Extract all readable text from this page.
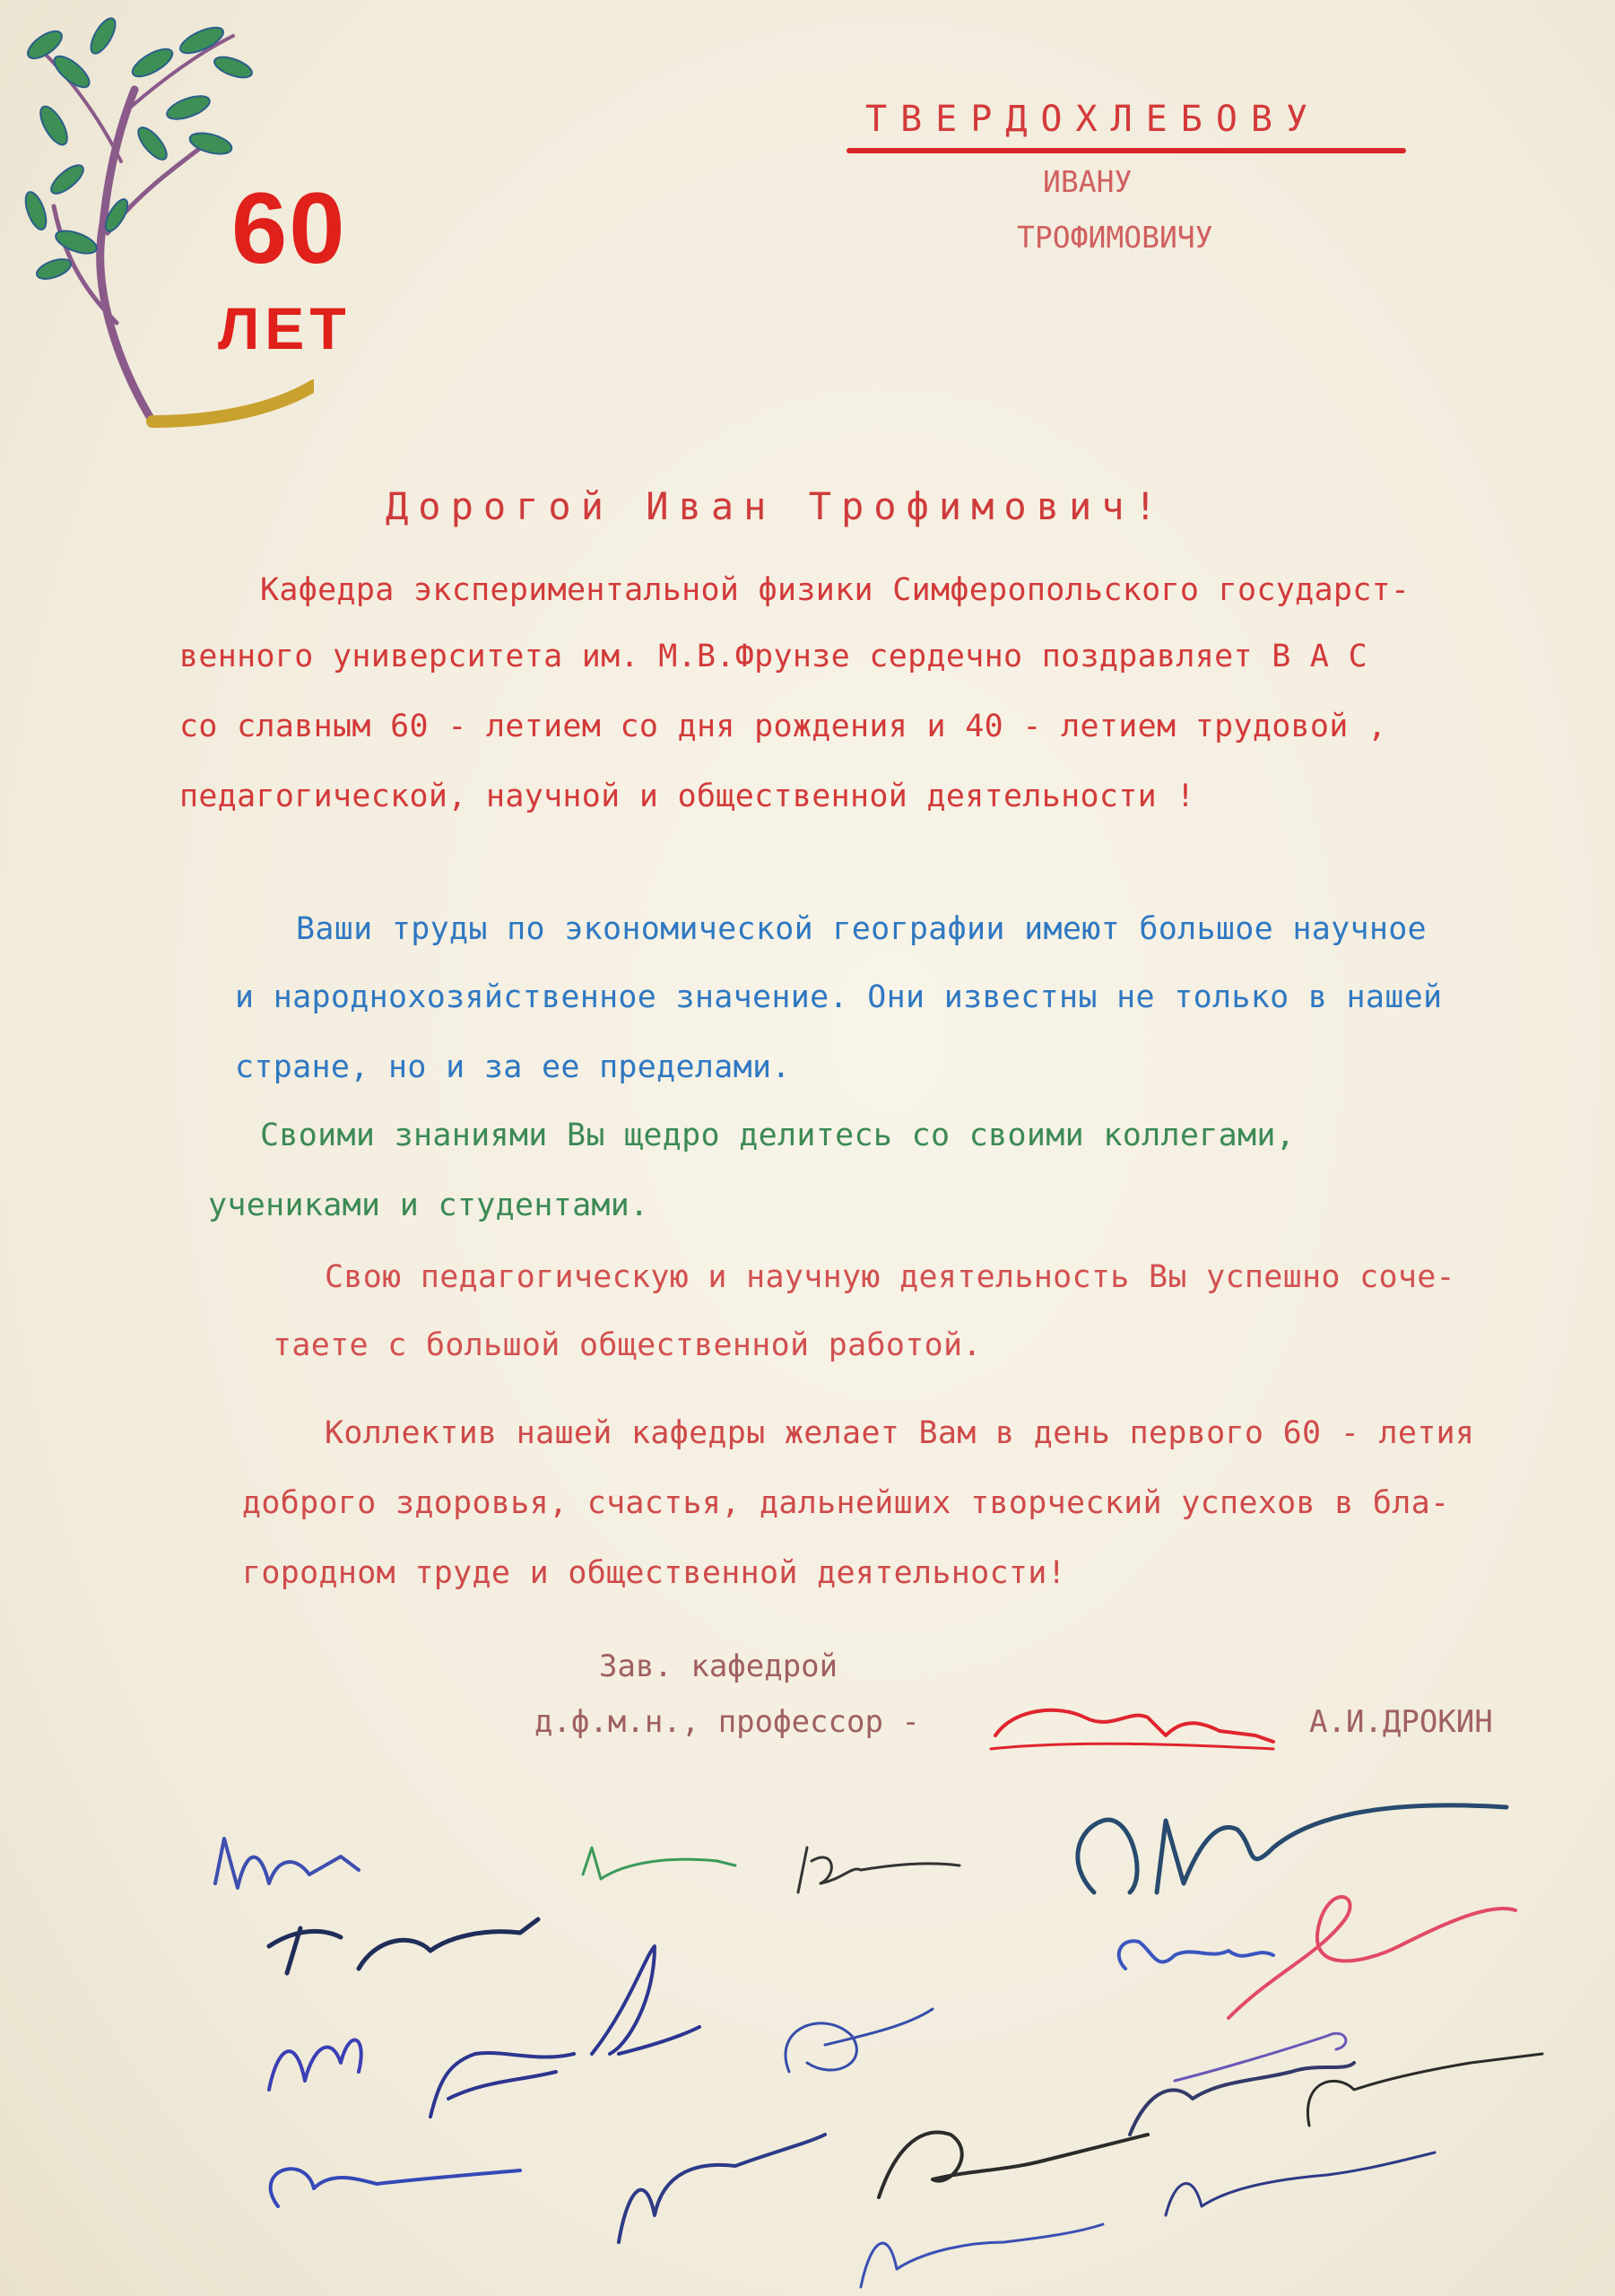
60
ЛЕТ
ТВЕРДОХЛЕБОВУ
ИВАНУ
ТРОФИМОВИЧУ
Дорогой Иван Трофимович!
Кафедра экспериментальной физики Симферопольского государст-
венного университета им. М.В.Фрунзе сердечно поздравляет В А С
со славным 60 - летием со дня рождения и 40 - летием трудовой ,
педагогической, научной и общественной деятельности !
Ваши труды по экономической географии имеют большое научное
и народнохозяйственное значение. Они известны не только в нашей
стране, но и за ее пределами.
Своими знаниями Вы щедро делитесь со своими коллегами,
учениками и студентами.
Свою педагогическую и научную деятельность Вы успешно соче-
таете с большой общественной работой.
Коллектив нашей кафедры желает Вам в день первого 60 - летия
доброго здоровья, счастья, дальнейших творческий успехов в бла-
городном труде и общественной деятельности!
Зав. кафедрой
д.ф.м.н., профессор -	А.И.ДРОКИН
